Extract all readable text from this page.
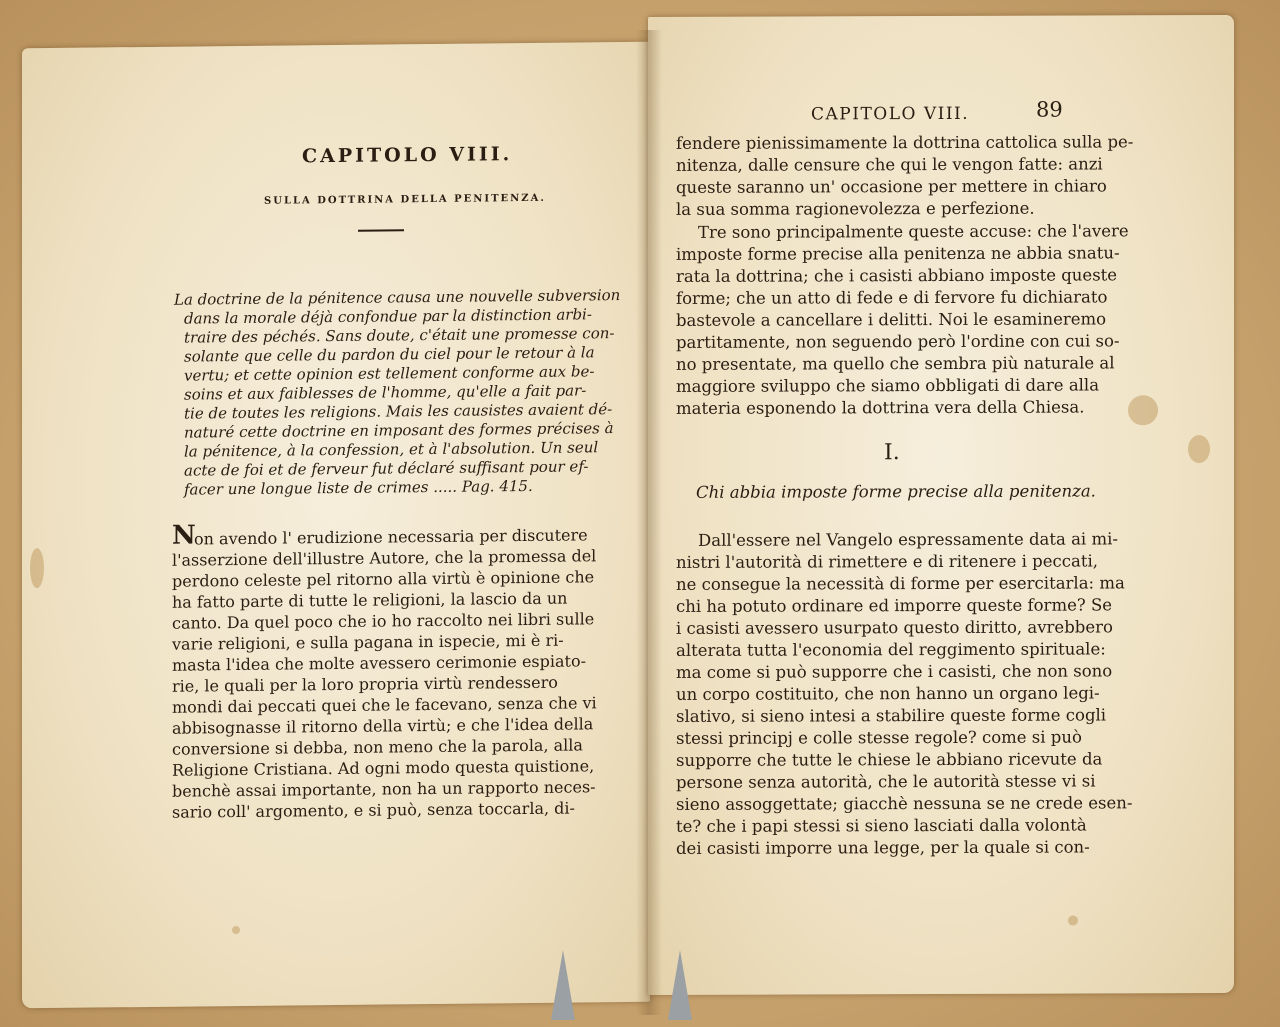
CAPITOLO VIII.
SULLA DOTTRINA DELLA PENITENZA.
La doctrine de la pénitence causa une nouvelle subversion
dans la morale déjà confondue par la distinction arbi-
traire des péchés. Sans doute, c'était une promesse con-
solante que celle du pardon du ciel pour le retour à la
vertu; et cette opinion est tellement conforme aux be-
soins et aux faiblesses de l'homme, qu'elle a fait par-
tie de toutes les religions. Mais les causistes avaient dé-
naturé cette doctrine en imposant des formes précises à
la pénitence, à la confession, et à l'absolution. Un seul
acte de foi et de ferveur fut déclaré suffisant pour ef-
facer une longue liste de crimes ..... Pag. 415.
N
on avendo l' erudizione necessaria per discutere
l'asserzione dell'illustre Autore, che la promessa del
perdono celeste pel ritorno alla virtù è opinione che
ha fatto parte di tutte le religioni, la lascio da un
canto. Da quel poco che io ho raccolto nei libri sulle
varie religioni, e sulla pagana in ispecie, mi è ri-
masta l'idea che molte avessero cerimonie espiato-
rie, le quali per la loro propria virtù rendessero
mondi dai peccati quei che le facevano, senza che vi
abbisognasse il ritorno della virtù; e che l'idea della
conversione si debba, non meno che la parola, alla
Religione Cristiana. Ad ogni modo questa quistione,
benchè assai importante, non ha un rapporto neces-
sario coll' argomento, e si può, senza toccarla, di-
CAPITOLO VIII.	89
fendere pienissimamente la dottrina cattolica sulla pe-
nitenza, dalle censure che qui le vengon fatte: anzi
queste saranno un' occasione per mettere in chiaro
la sua somma ragionevolezza e perfezione.
Tre sono principalmente queste accuse: che l'avere
imposte forme precise alla penitenza ne abbia snatu-
rata la dottrina; che i casisti abbiano imposte queste
forme; che un atto di fede e di fervore fu dichiarato
bastevole a cancellare i delitti. Noi le esamineremo
partitamente, non seguendo però l'ordine con cui so-
no presentate, ma quello che sembra più naturale al
maggiore sviluppo che siamo obbligati di dare alla
materia esponendo la dottrina vera della Chiesa.
I.
Chi abbia imposte forme precise alla penitenza.
Dall'essere nel Vangelo espressamente data ai mi-
nistri l'autorità di rimettere e di ritenere i peccati,
ne consegue la necessità di forme per esercitarla: ma
chi ha potuto ordinare ed imporre queste forme? Se
i casisti avessero usurpato questo diritto, avrebbero
alterata tutta l'economia del reggimento spirituale:
ma come si può supporre che i casisti, che non sono
un corpo costituito, che non hanno un organo legi-
slativo, si sieno intesi a stabilire queste forme cogli
stessi principj e colle stesse regole? come si può
supporre che tutte le chiese le abbiano ricevute da
persone senza autorità, che le autorità stesse vi si
sieno assoggettate; giacchè nessuna se ne crede esen-
te? che i papi stessi si sieno lasciati dalla volontà
dei casisti imporre una legge, per la quale si con-
